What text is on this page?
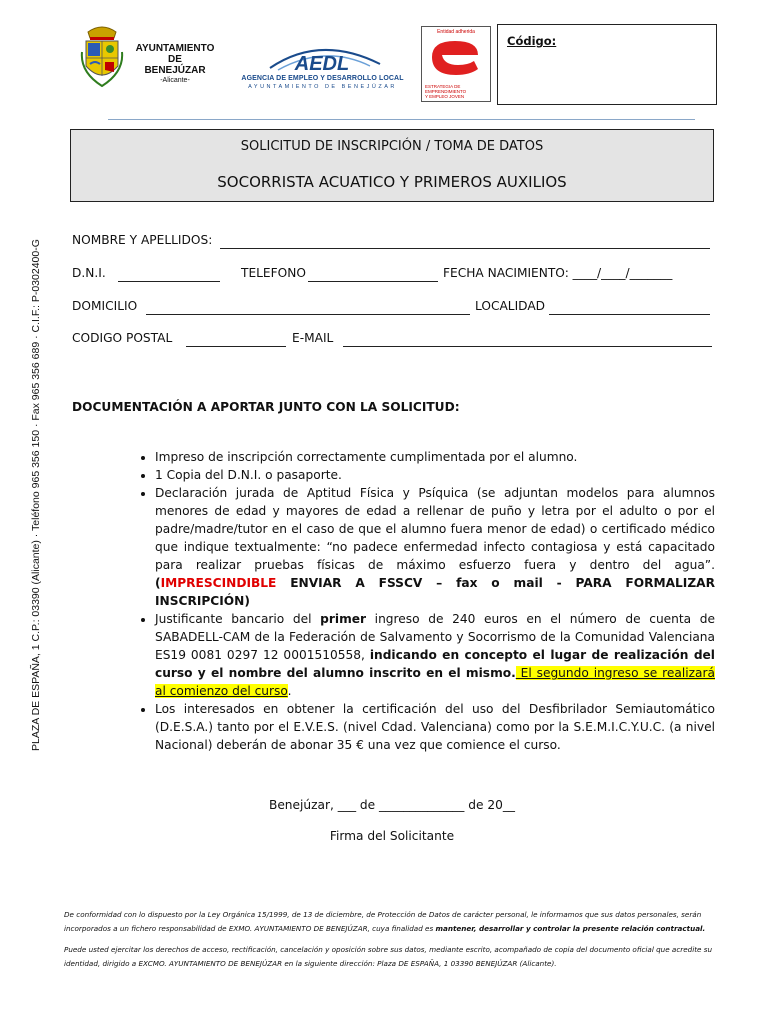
AYUNTAMIENTO
DE
BENEJÚZAR
-Alicante-
AEDL
AGENCIA DE EMPLEO Y DESARROLLO LOCAL
AYUNTAMIENTO DE BENEJÚZAR
Entidad adherida
ESTRATEGIA DE
EMPRENDIMIENTO
Y EMPLEO JOVEN
Código:
SOLICITUD DE INSCRIPCIÓN / TOMA DE DATOS
SOCORRISTA ACUATICO Y PRIMEROS AUXILIOS
NOMBRE Y APELLIDOS:
D.N.I.	TELEFONO	FECHA NACIMIENTO: ____/____/_______
DOMICILIO	LOCALIDAD
CODIGO POSTAL	E-MAIL
PLAZA DE ESPAÑA, 1 C.P.: 03390 (Alicante) · Teléfono 965 356 150 · Fax 965 356 689 · C.I.F.: P-0302400-G DOCUMENTACIÓN A APORTAR JUNTO CON LA SOLICITUD:
• Impreso de inscripción correctamente cumplimentada por el alumno.
• 1 Copia del D.N.I. o pasaporte.
• Declaración jurada de Aptitud Física y Psíquica (se adjuntan modelos para alumnos menores de edad y mayores de edad a rellenar de puño y letra por el adulto o por el padre/madre/tutor en el caso de que el alumno fuera menor de edad) o certificado médico que indique textualmente: “no padece enfermedad infecto contagiosa y está capacitado para realizar pruebas físicas de máximo esfuerzo fuera y dentro del agua”. (IMPRESCINDIBLE ENVIAR A FSSCV – fax o mail - PARA FORMALIZAR INSCRIPCIÓN)
• Justificante bancario del primer ingreso de 240 euros en el número de cuenta de SABADELL-CAM de la Federación de Salvamento y Socorrismo de la Comunidad Valenciana ES19 0081 0297 12 0001510558, indicando en concepto el lugar de realización del curso y el nombre del alumno inscrito en el mismo. El segundo ingreso se realizará al comienzo del curso.
• Los interesados en obtener la certificación del uso del Desfibrilador Semiautomático (D.E.S.A.) tanto por el E.V.E.S. (nivel Cdad. Valenciana) como por la S.E.M.I.C.Y.U.C. (a nivel Nacional) deberán de abonar 35 € una vez que comience el curso.
Benejúzar, ___ de ______________ de 20__
Firma del Solicitante
De conformidad con lo dispuesto por la Ley Orgánica 15/1999, de 13 de diciembre, de Protección de Datos de carácter personal, le informamos que sus datos personales, serán incorporados a un fichero responsabilidad de EXMO. AYUNTAMIENTO DE BENEJÚZAR, cuya finalidad es mantener, desarrollar y controlar la presente relación contractual.
Puede usted ejercitar los derechos de acceso, rectificación, cancelación y oposición sobre sus datos, mediante escrito, acompañado de copia del documento oficial que acredite su identidad, dirigido a EXCMO. AYUNTAMIENTO DE BENEJÚZAR en la siguiente dirección: Plaza DE ESPAÑA, 1 03390 BENEJÚZAR (Alicante).
